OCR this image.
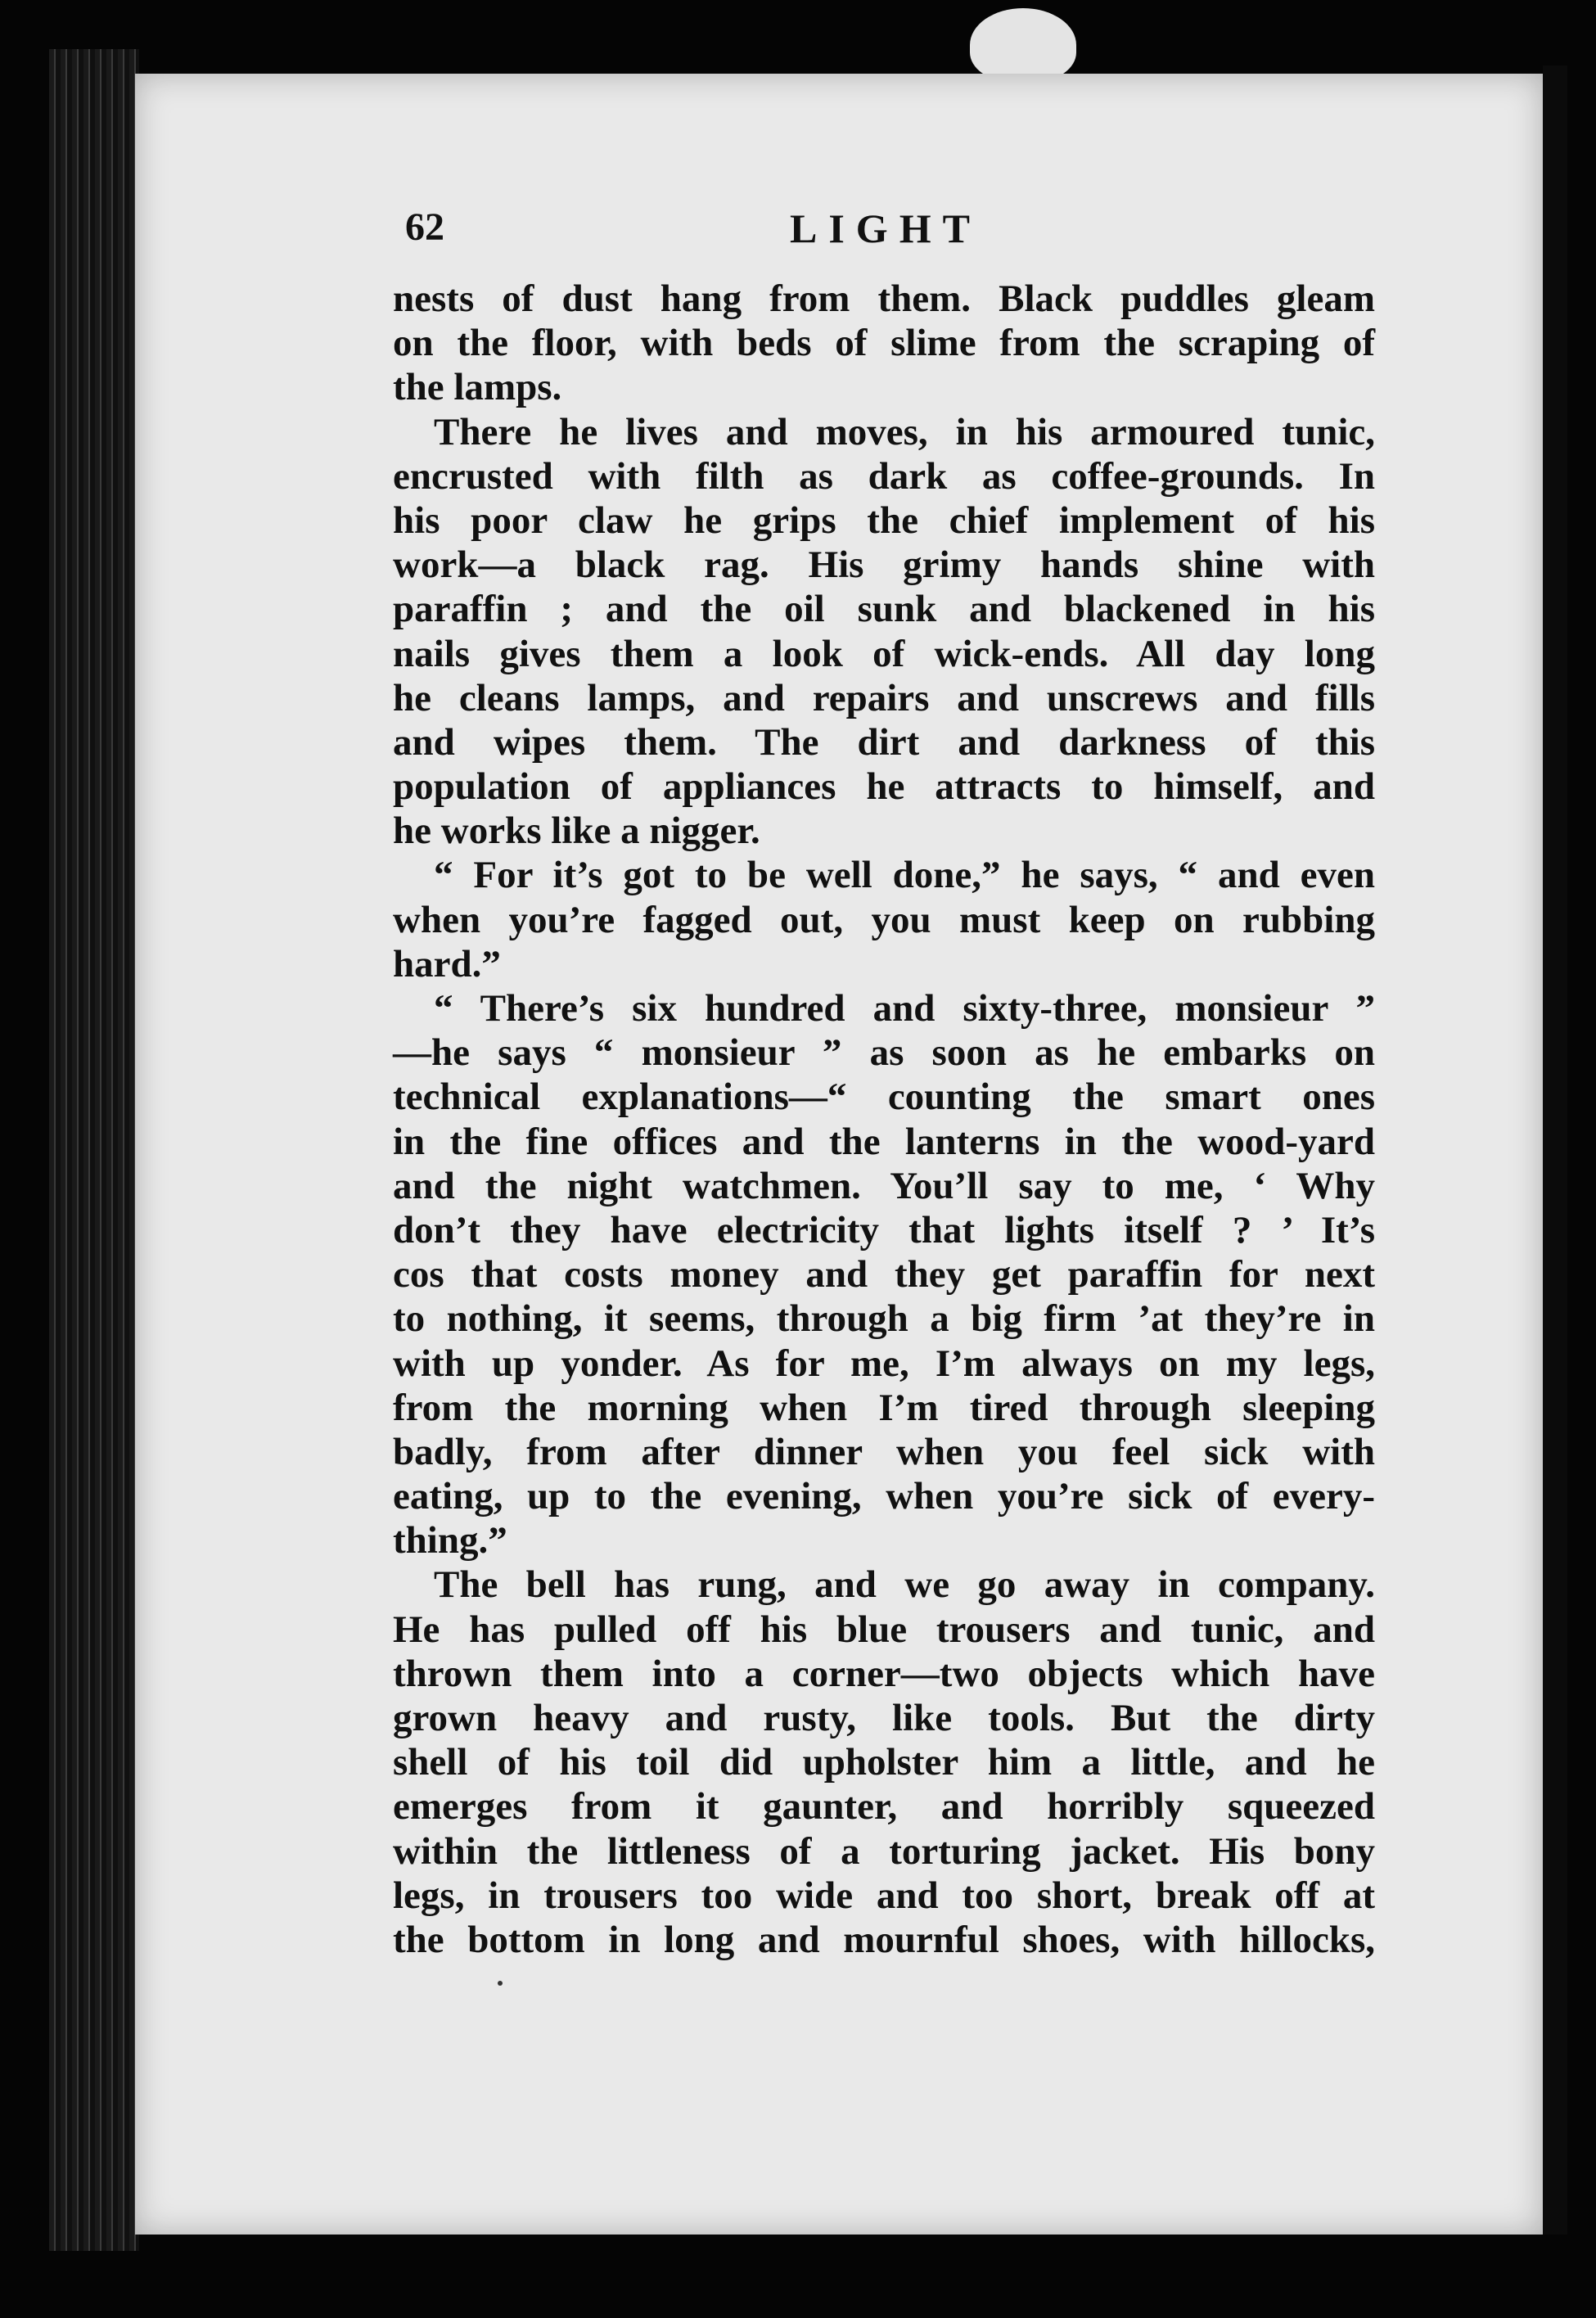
62	LIGHT
nests of dust hang from them. Black puddles gleam
on the floor, with beds of slime from the scraping of
the lamps.
There he lives and moves, in his armoured tunic,
encrusted with filth as dark as coffee-grounds. In
his poor claw he grips the chief implement of his
work—a black rag. His grimy hands shine with
paraffin ; and the oil sunk and blackened in his
nails gives them a look of wick-ends. All day long
he cleans lamps, and repairs and unscrews and fills
and wipes them. The dirt and darkness of this
population of appliances he attracts to himself, and
he works like a nigger.
“ For it’s got to be well done,” he says, “ and even
when you’re fagged out, you must keep on rubbing
hard.”
“ There’s six hundred and sixty-three, monsieur ”
—he says “ monsieur ” as soon as he embarks on
technical explanations—“ counting the smart ones
in the fine offices and the lanterns in the wood-yard
and the night watchmen. You’ll say to me, ‘ Why
don’t they have electricity that lights itself ? ’ It’s
cos that costs money and they get paraffin for next
to nothing, it seems, through a big firm ’at they’re in
with up yonder. As for me, I’m always on my legs,
from the morning when I’m tired through sleeping
badly, from after dinner when you feel sick with
eating, up to the evening, when you’re sick of every-
thing.”
The bell has rung, and we go away in company.
He has pulled off his blue trousers and tunic, and
thrown them into a corner—two objects which have
grown heavy and rusty, like tools. But the dirty
shell of his toil did upholster him a little, and he
emerges from it gaunter, and horribly squeezed
within the littleness of a torturing jacket. His bony
legs, in trousers too wide and too short, break off at
the bottom in long and mournful shoes, with hillocks,
